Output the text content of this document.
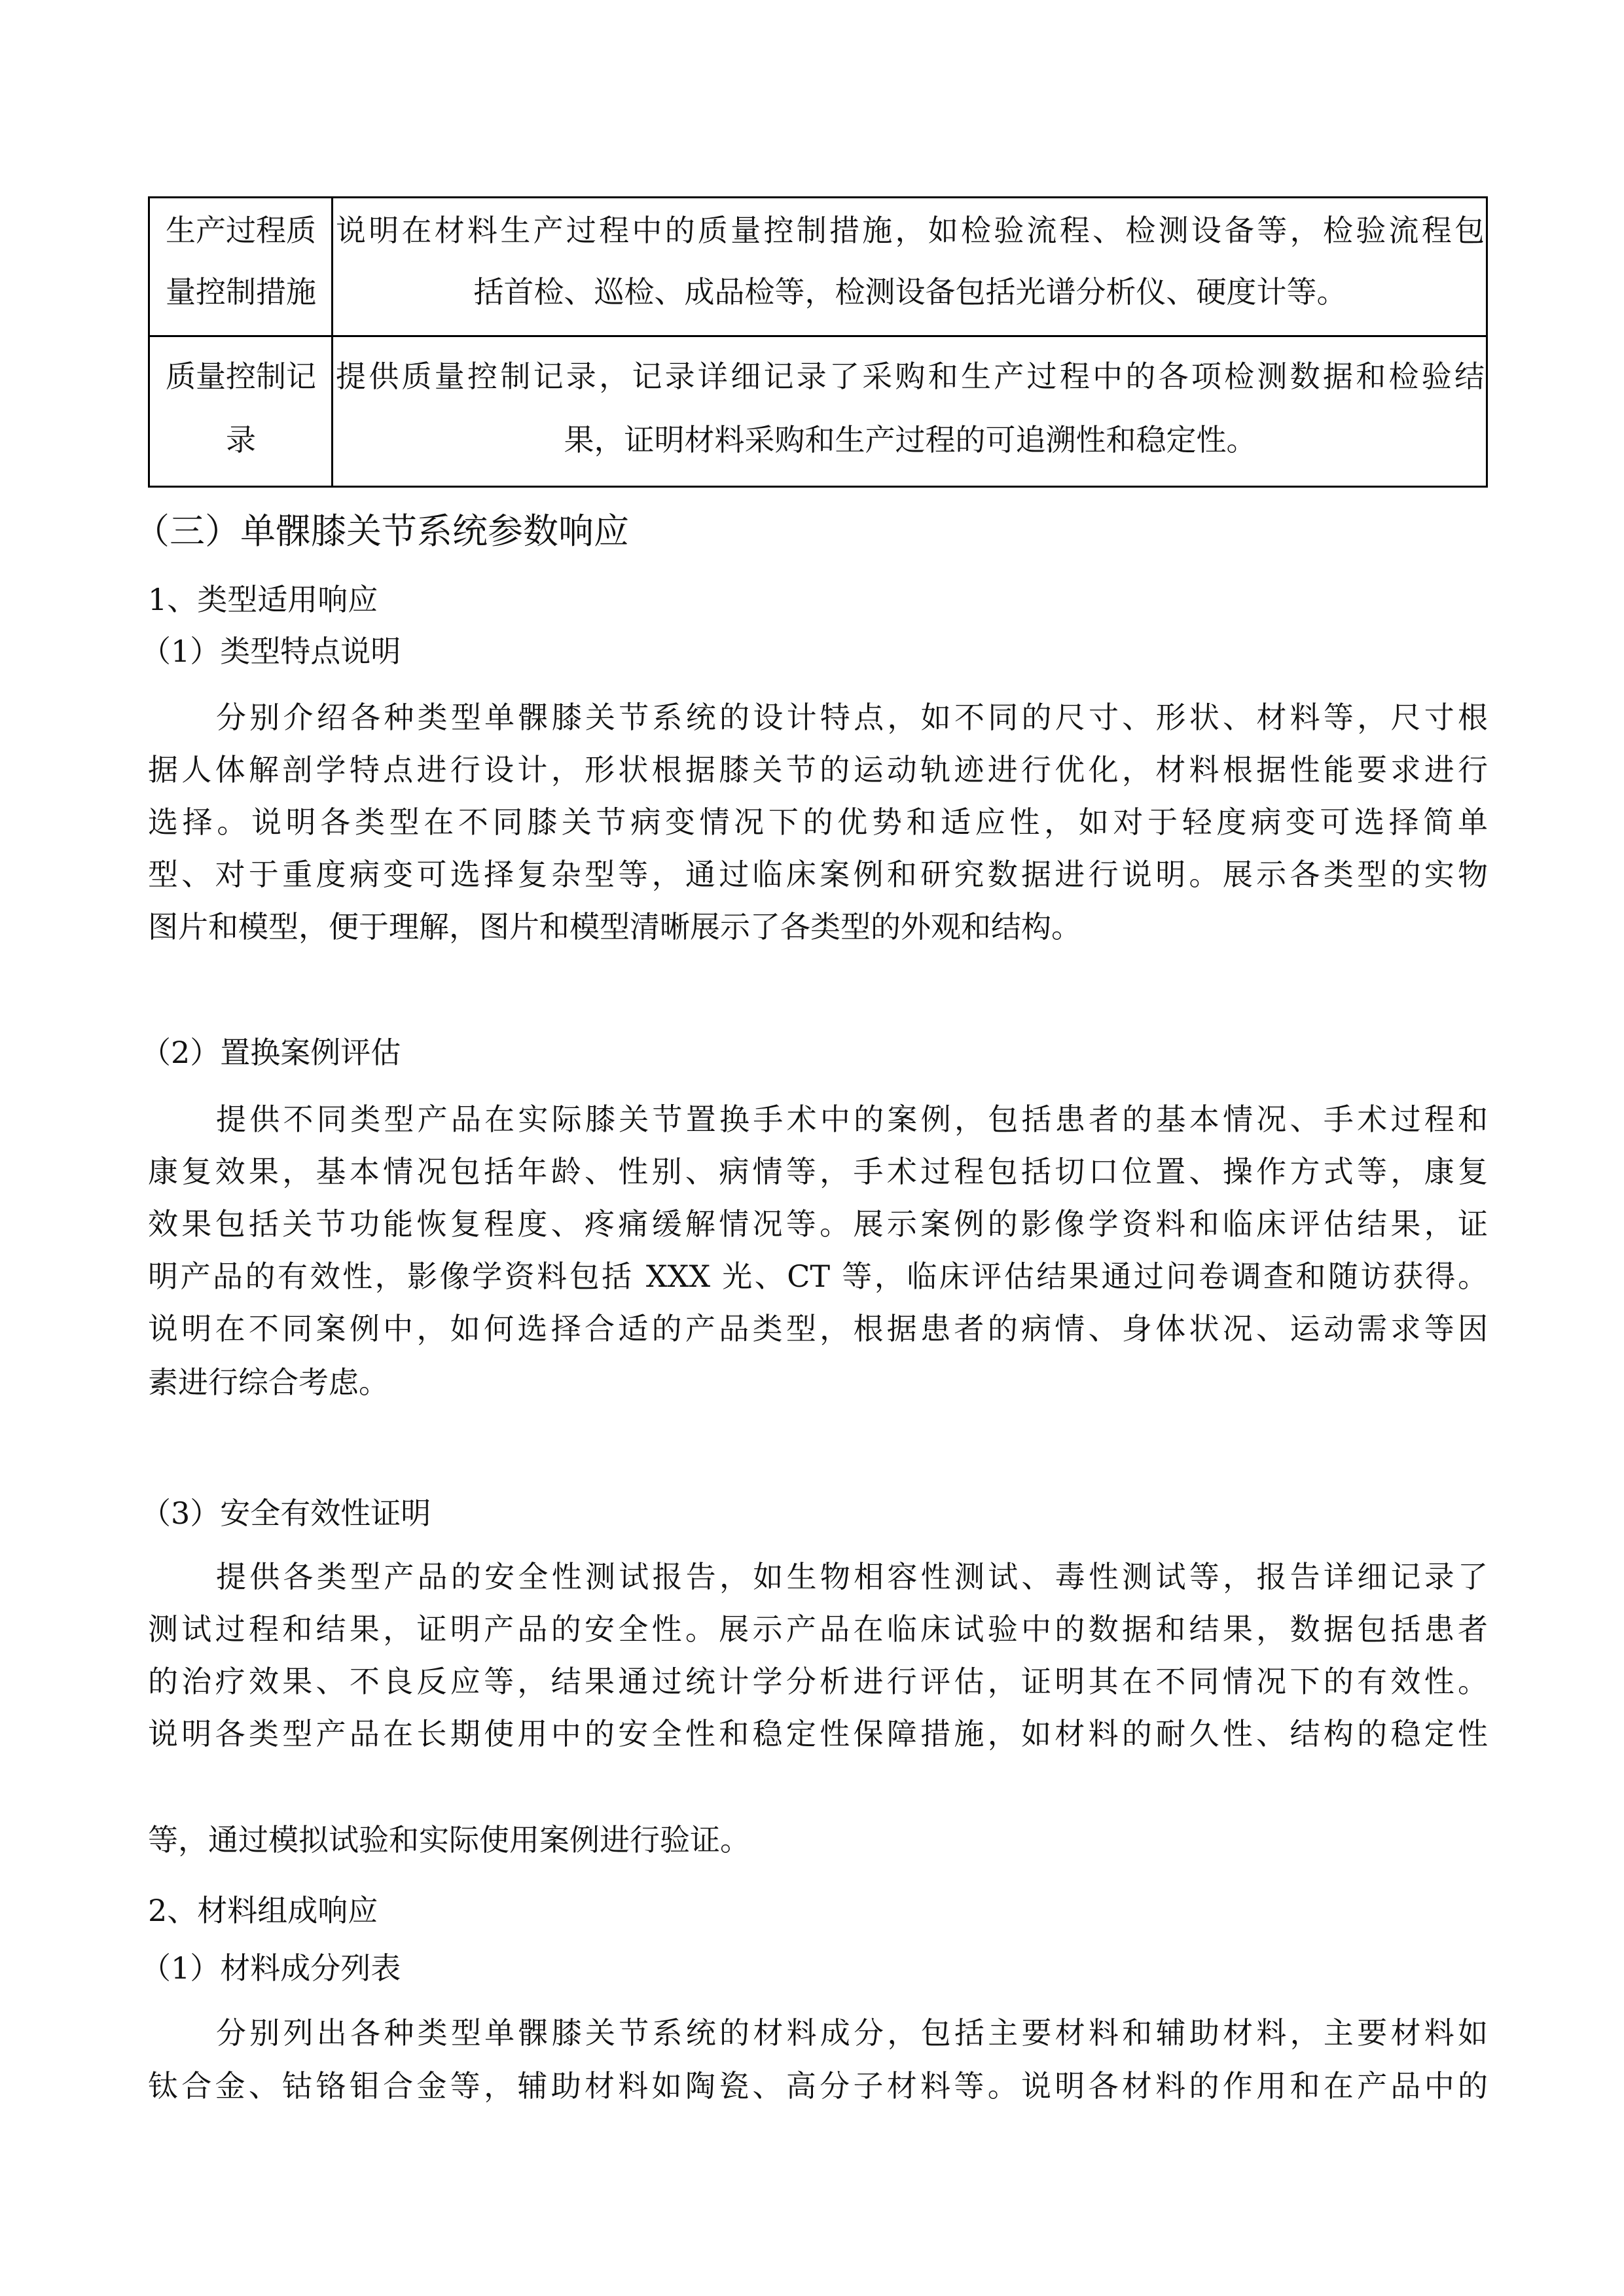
生产过程质
量控制措施
说明在材料生产过程中的质量控制措施，如检验流程、检测设备等，检验流程包
括首检、巡检、成品检等，检测设备包括光谱分析仪、硬度计等。
质量控制记
录
提供质量控制记录，记录详细记录了采购和生产过程中的各项检测数据和检验结
果，证明材料采购和生产过程的可追溯性和稳定性。
（三）单髁膝关节系统参数响应
1、类型适用响应
（1）类型特点说明
分别介绍各种类型单髁膝关节系统的设计特点，如不同的尺寸、形状、材料等，尺寸根
据人体解剖学特点进行设计，形状根据膝关节的运动轨迹进行优化，材料根据性能要求进行
选择。说明各类型在不同膝关节病变情况下的优势和适应性，如对于轻度病变可选择简单
型、对于重度病变可选择复杂型等，通过临床案例和研究数据进行说明。展示各类型的实物
图片和模型，便于理解，图片和模型清晰展示了各类型的外观和结构。
（2）置换案例评估
提供不同类型产品在实际膝关节置换手术中的案例，包括患者的基本情况、手术过程和
康复效果，基本情况包括年龄、性别、病情等，手术过程包括切口位置、操作方式等，康复
效果包括关节功能恢复程度、疼痛缓解情况等。展示案例的影像学资料和临床评估结果，证
明产品的有效性，影像学资料包括 XXX 光、CT 等，临床评估结果通过问卷调查和随访获得。
说明在不同案例中，如何选择合适的产品类型，根据患者的病情、身体状况、运动需求等因
素进行综合考虑。
（3）安全有效性证明
提供各类型产品的安全性测试报告，如生物相容性测试、毒性测试等，报告详细记录了
测试过程和结果，证明产品的安全性。展示产品在临床试验中的数据和结果，数据包括患者
的治疗效果、不良反应等，结果通过统计学分析进行评估，证明其在不同情况下的有效性。
说明各类型产品在长期使用中的安全性和稳定性保障措施，如材料的耐久性、结构的稳定性
等，通过模拟试验和实际使用案例进行验证。
2、材料组成响应
（1）材料成分列表
分别列出各种类型单髁膝关节系统的材料成分，包括主要材料和辅助材料，主要材料如
钛合金、钴铬钼合金等，辅助材料如陶瓷、高分子材料等。说明各材料的作用和在产品中的
